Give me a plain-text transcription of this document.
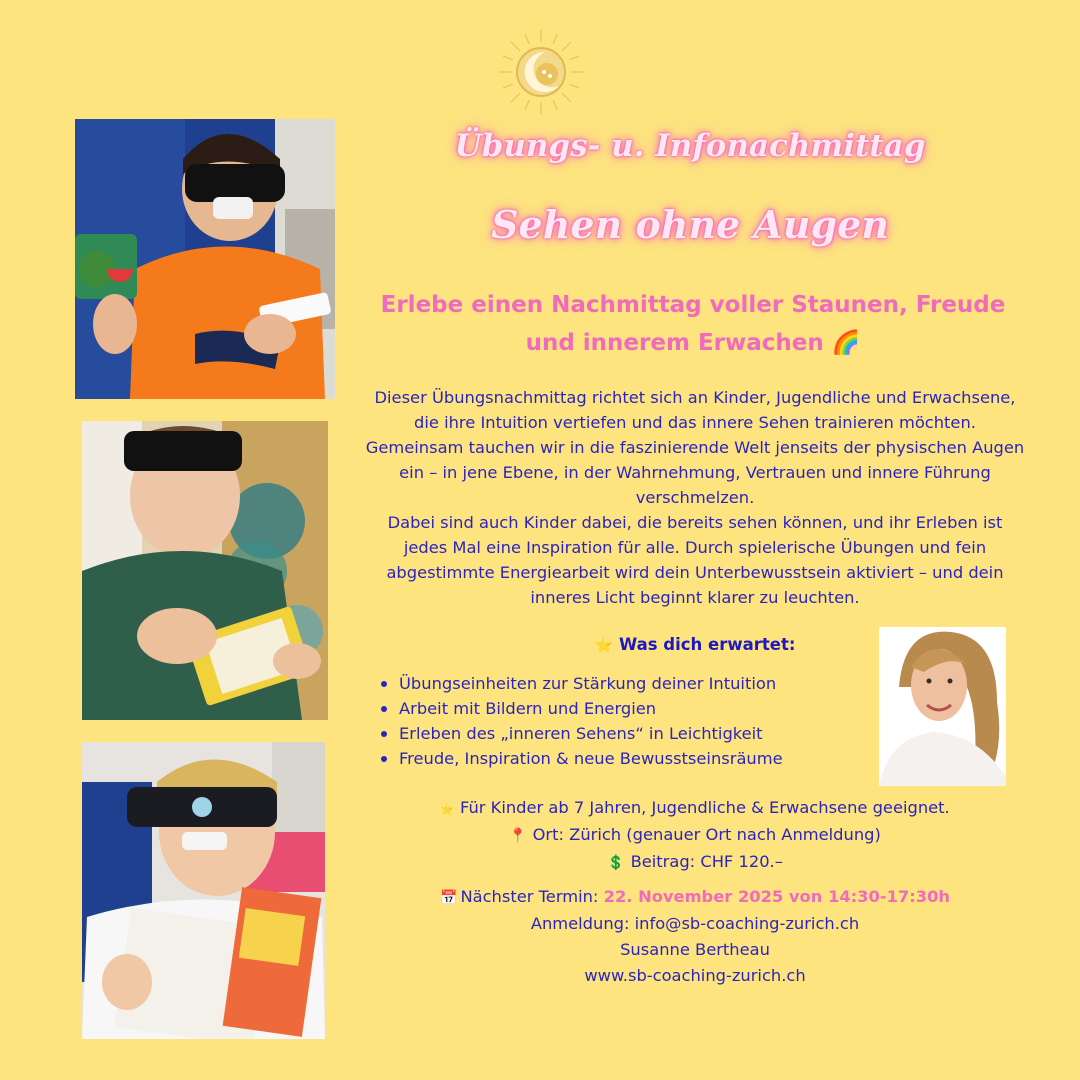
Übungs- u. Infonachmittag
Sehen ohne Augen
Erlebe einen Nachmittag voller Staunen, Freude und innerem Erwachen 🌈

Dieser Übungsnachmittag richtet sich an Kinder, Jugendliche und Erwachsene, die ihre Intuition vertiefen und das innere Sehen trainieren möchten. Gemeinsam tauchen wir in die faszinierende Welt jenseits der physischen Augen ein – in jene Ebene, in der Wahrnehmung, Vertrauen und innere Führung verschmelzen.

Dabei sind auch Kinder dabei, die bereits sehen können, und ihr Erleben ist jedes Mal eine Inspiration für alle. Durch spielerische Übungen und fein abgestimmte Energiearbeit wird dein Unterbewusstsein aktiviert – und dein inneres Licht beginnt klarer zu leuchten.

⭐ Was dich erwartet:
Übungseinheiten zur Stärkung deiner Intuition
Arbeit mit Bildern und Energien
Erleben des „inneren Sehens“ in Leichtigkeit
Freude, Inspiration & neue Bewusstseinsräume
⭐ Für Kinder ab 7 Jahren, Jugendliche & Erwachsene geeignet.
📍 Ort: Zürich (genauer Ort nach Anmeldung)
💲 Beitrag: CHF 120.–
📅 Nächster Termin: 22. November 2025 von 14:30-17:30h
Anmeldung: info@sb-coaching-zurich.ch
Susanne Bertheau
www.sb-coaching-zurich.ch
